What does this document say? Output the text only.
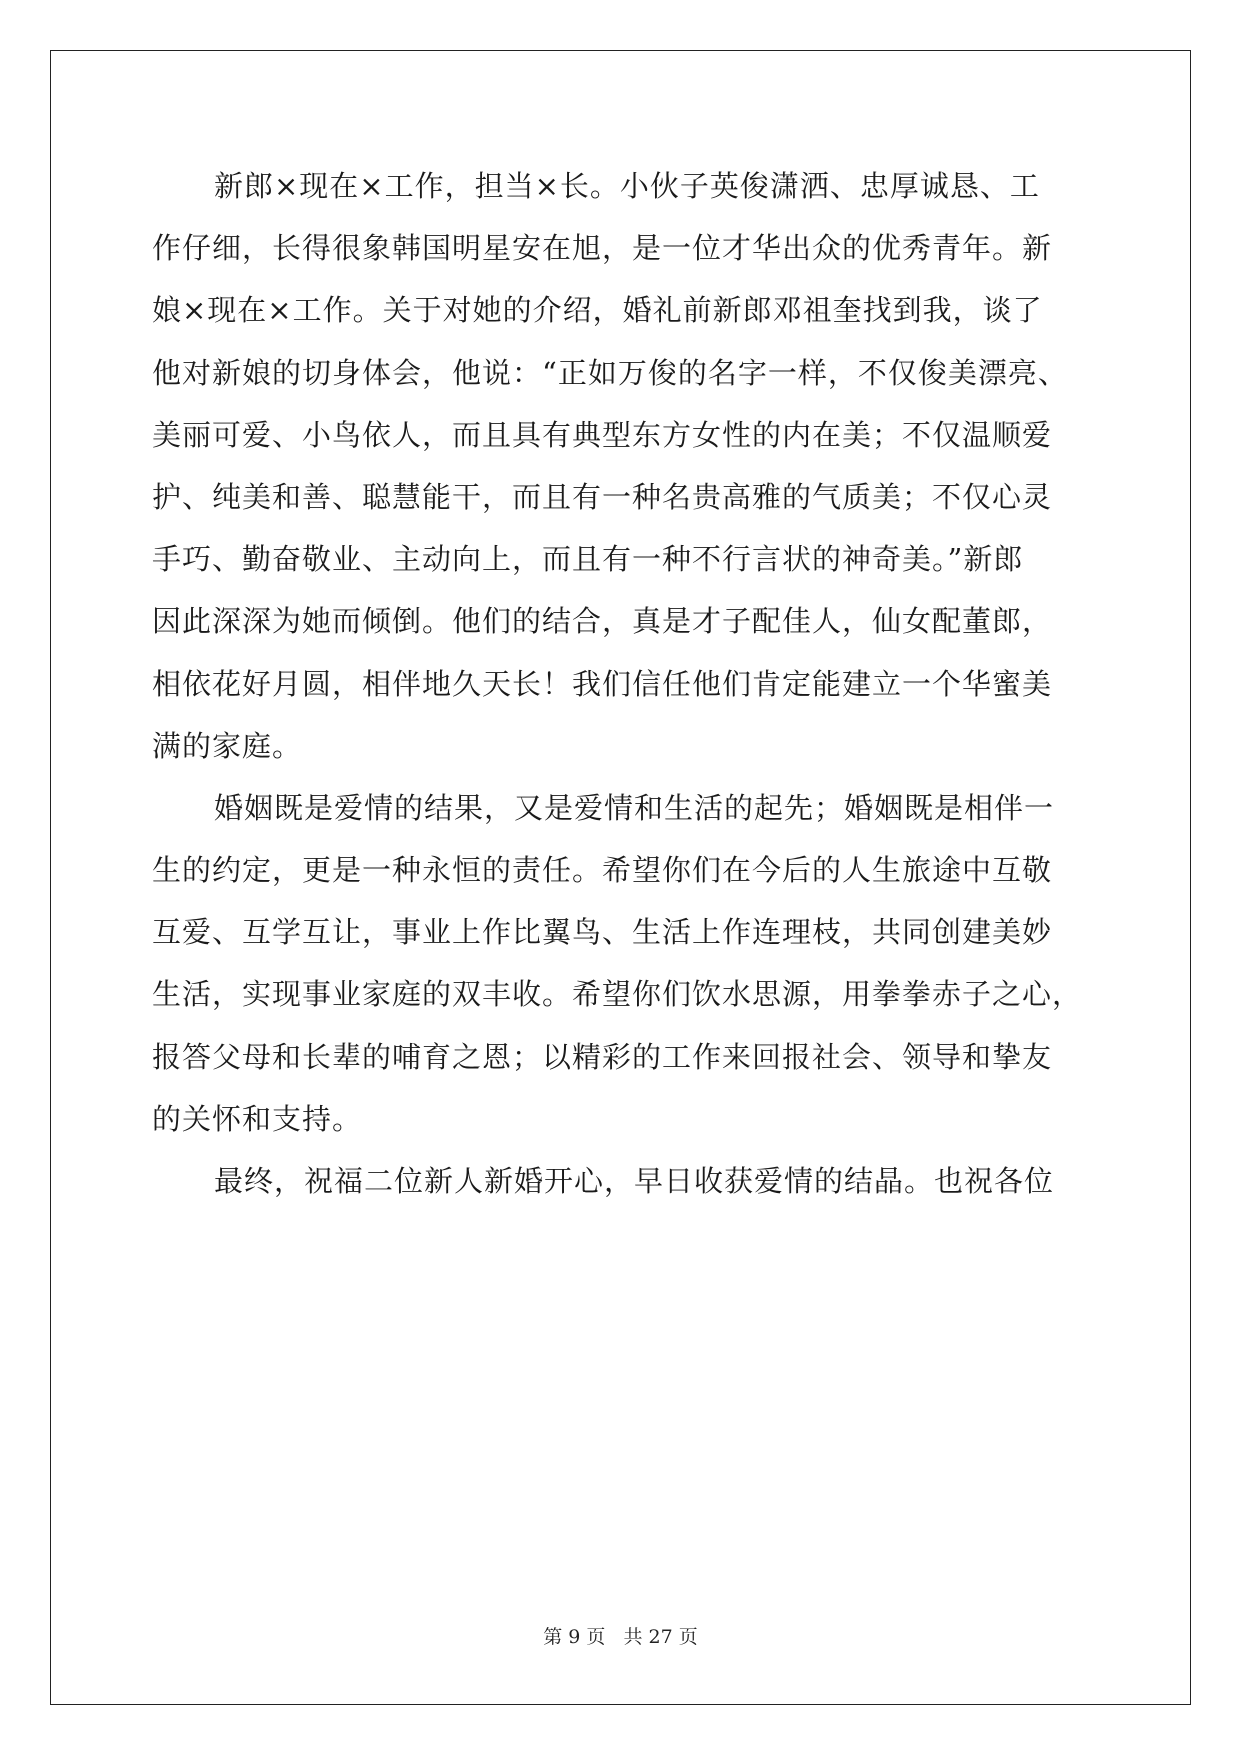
新郎×现在×工作，担当×长。小伙子英俊潇洒、忠厚诚恳、工
作仔细，长得很象韩国明星安在旭，是一位才华出众的优秀青年。新
娘×现在×工作。关于对她的介绍，婚礼前新郎邓祖奎找到我，谈了
他对新娘的切身体会，他说：“正如万俊的名字一样，不仅俊美漂亮、
美丽可爱、小鸟依人，而且具有典型东方女性的内在美；不仅温顺爱
护、纯美和善、聪慧能干，而且有一种名贵高雅的气质美；不仅心灵
手巧、勤奋敬业、主动向上，而且有一种不行言状的神奇美。”新郎
因此深深为她而倾倒。他们的结合，真是才子配佳人，仙女配董郎，
相依花好月圆，相伴地久天长！我们信任他们肯定能建立一个华蜜美
满的家庭。
婚姻既是爱情的结果，又是爱情和生活的起先；婚姻既是相伴一
生的约定，更是一种永恒的责任。希望你们在今后的人生旅途中互敬
互爱、互学互让，事业上作比翼鸟、生活上作连理枝，共同创建美妙
生活，实现事业家庭的双丰收。希望你们饮水思源，用拳拳赤子之心，
报答父母和长辈的哺育之恩；以精彩的工作来回报社会、领导和挚友
的关怀和支持。
最终，祝福二位新人新婚开心，早日收获爱情的结晶。也祝各位
第 9 页 共 27 页
